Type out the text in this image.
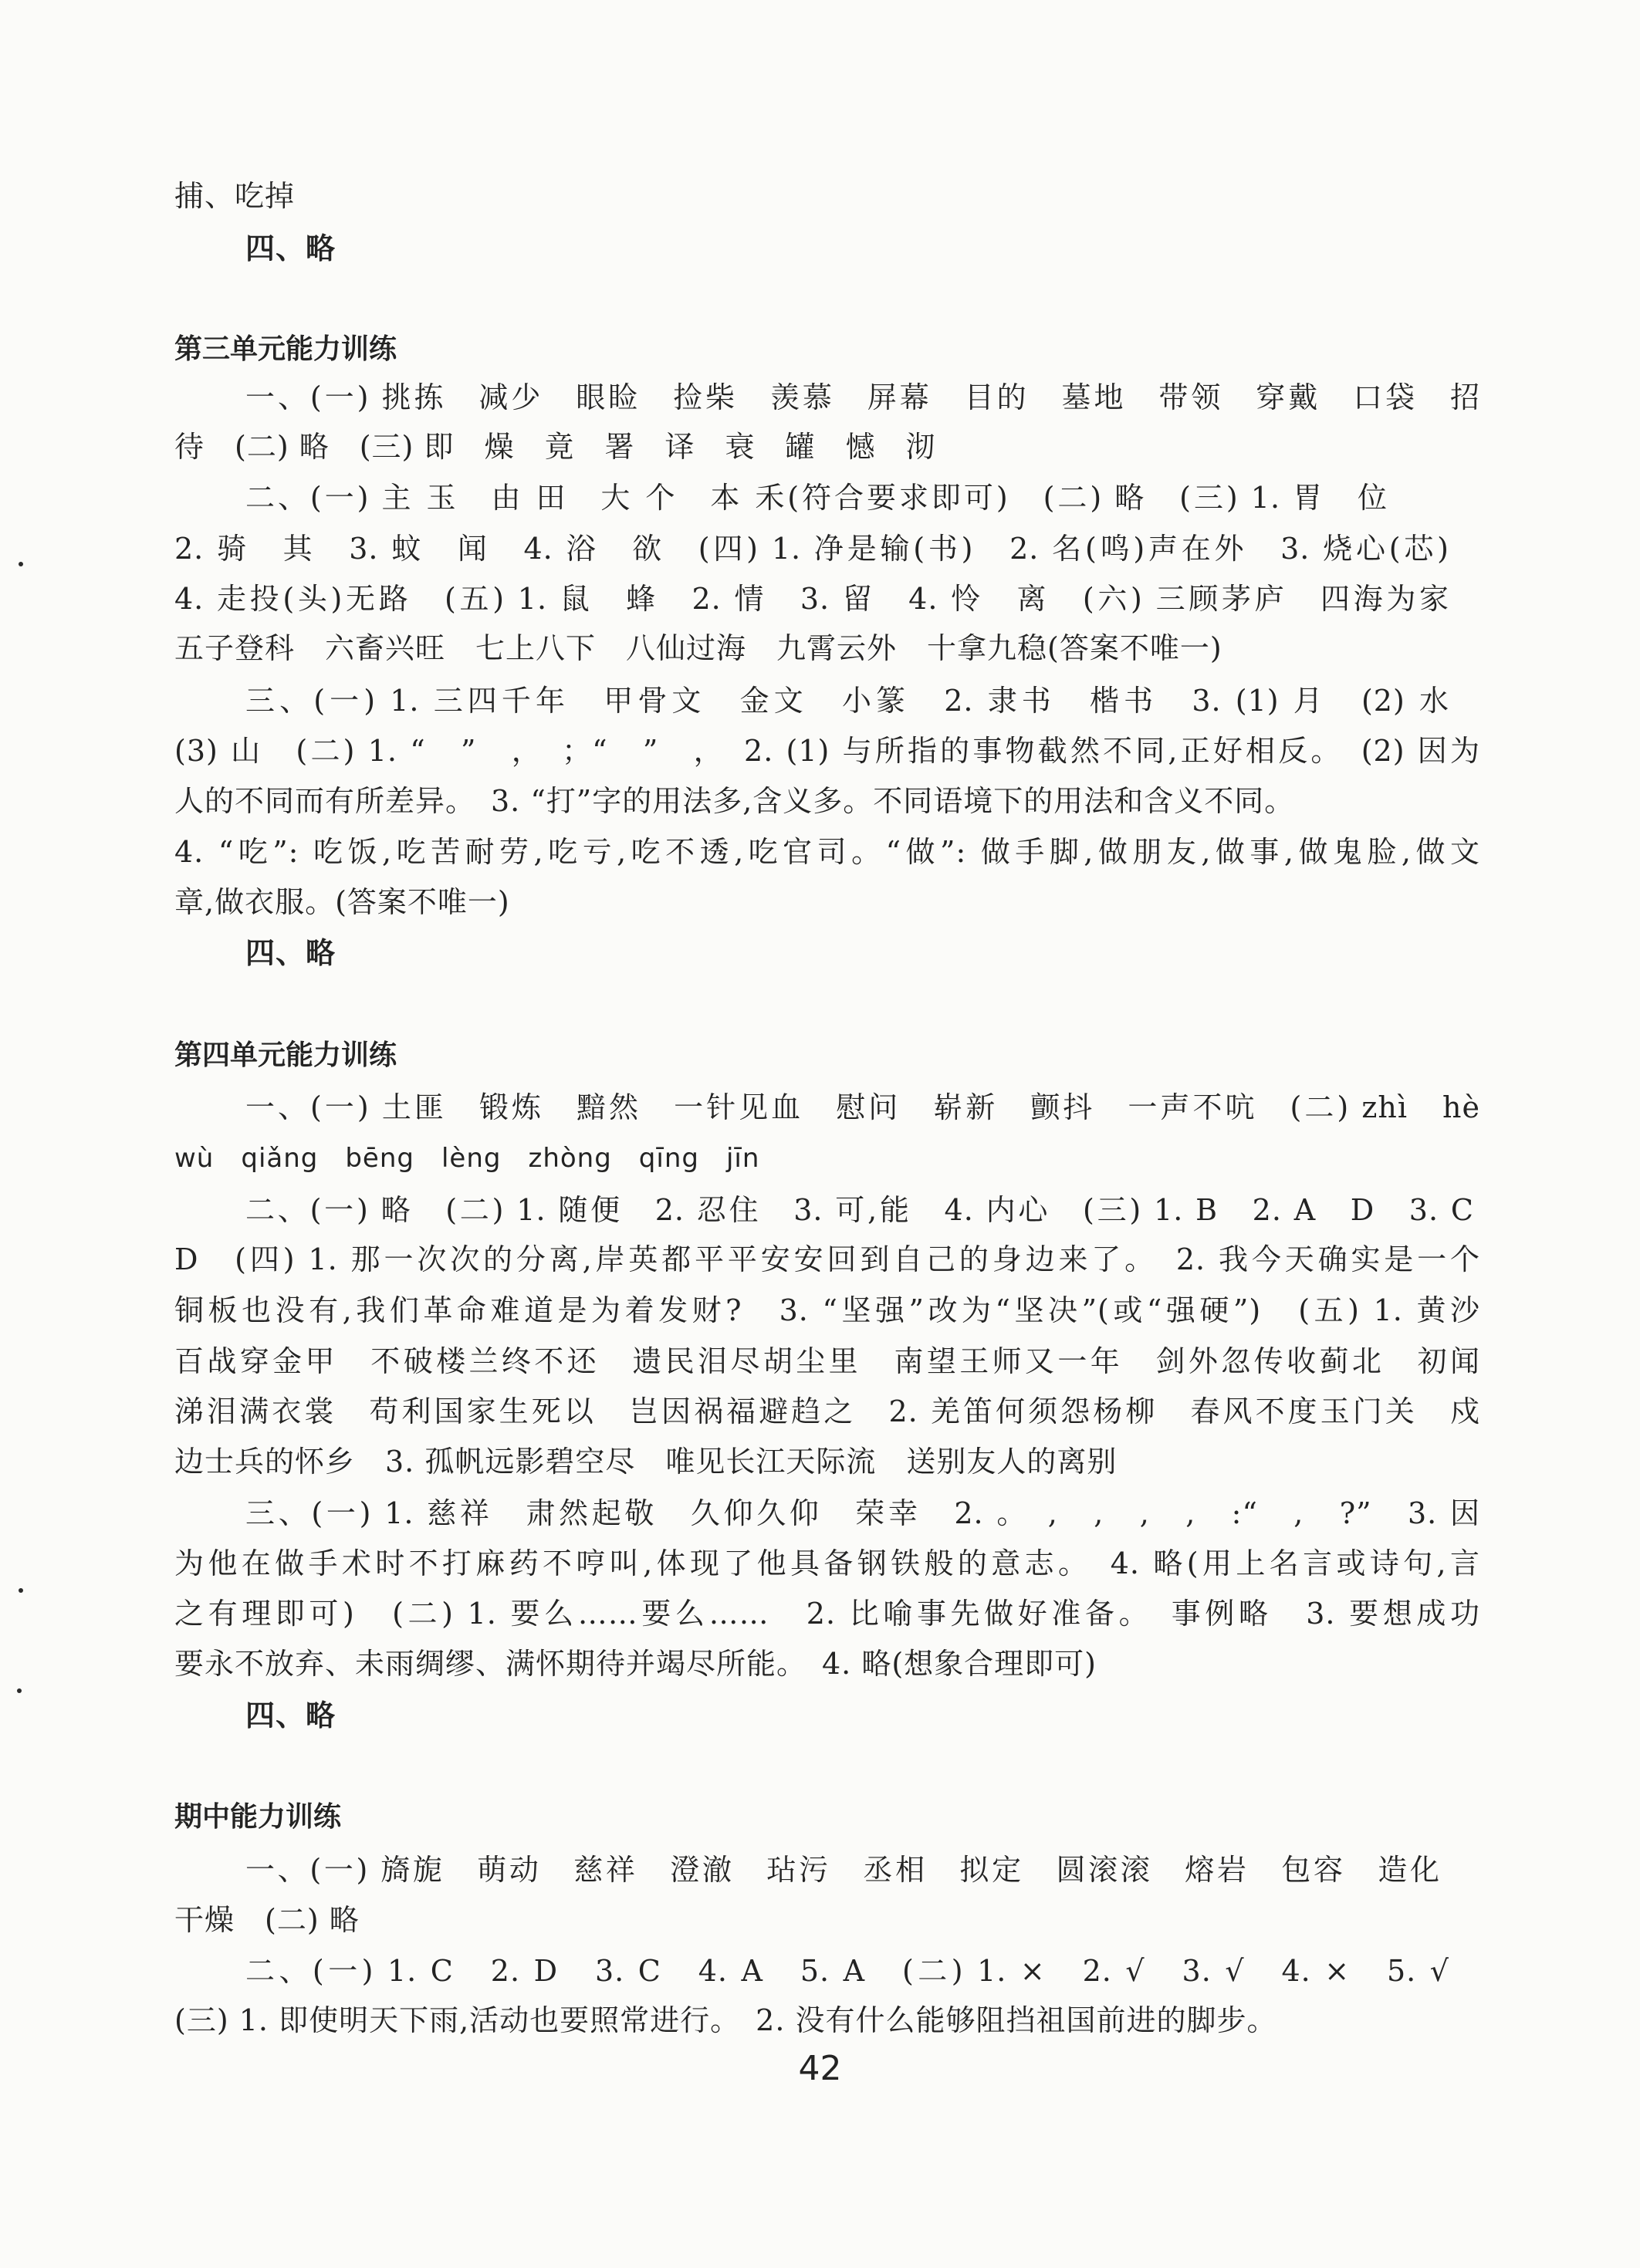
捕、吃掉
四、略
第三单元能力训练
一、(一) 挑拣　减少　眼睑　捡柴　羡慕　屏幕　目的　墓地　带领　穿戴　口袋　招
待　(二) 略　(三) 即　燥　竟　署　译　衰　罐　憾　沏
二、(一) 主 玉　由 田　大 个　本 禾(符合要求即可)　(二) 略　(三) 1. 胃　位
2. 骑　其　3. 蚊　闻　4. 浴　欲　(四) 1. 净是输(书)　2. 名(鸣)声在外　3. 烧心(芯)
4. 走投(头)无路　(五) 1. 鼠　蜂　2. 情　3. 留　4. 怜　离　(六) 三顾茅庐　四海为家
五子登科　六畜兴旺　七上八下　八仙过海　九霄云外　十拿九稳(答案不唯一)
三、(一) 1. 三四千年　甲骨文　金文　小篆　2. 隶书　楷书　3. (1) 月　(2) 水
(3) 山　(二) 1. “　”　，　；“　”　，　2. (1) 与所指的事物截然不同,正好相反。　(2) 因为
人的不同而有所差异。　3. “打”字的用法多,含义多。不同语境下的用法和含义不同。
4. “吃”: 吃饭,吃苦耐劳,吃亏,吃不透,吃官司。“做”: 做手脚,做朋友,做事,做鬼脸,做文
章,做衣服。(答案不唯一)
四、略
第四单元能力训练
一、(一) 土匪　锻炼　黯然　一针见血　慰问　崭新　颤抖　一声不吭　(二) zhì　hè
wù　qiǎng　bēng　lèng　zhòng　qīng　jīn
二、(一) 略　(二) 1. 随便　2. 忍住　3. 可,能　4. 内心　(三) 1. B　2. A　D　3. C
D　(四) 1. 那一次次的分离,岸英都平平安安回到自己的身边来了。　2. 我今天确实是一个
铜板也没有,我们革命难道是为着发财?　3. “坚强”改为“坚决”(或“强硬”)　(五) 1. 黄沙
百战穿金甲　不破楼兰终不还　遗民泪尽胡尘里　南望王师又一年　剑外忽传收蓟北　初闻
涕泪满衣裳　苟利国家生死以　岂因祸福避趋之　2. 羌笛何须怨杨柳　春风不度玉门关　戍
边士兵的怀乡　3. 孤帆远影碧空尽　唯见长江天际流　送别友人的离别
三、(一) 1. 慈祥　肃然起敬　久仰久仰　荣幸　2. 。　,　,　,　,　:“　,　?”　3. 因
为他在做手术时不打麻药不哼叫,体现了他具备钢铁般的意志。　4. 略(用上名言或诗句,言
之有理即可)　(二) 1. 要么……要么……　2. 比喻事先做好准备。　事例略　3. 要想成功
要永不放弃、未雨绸缪、满怀期待并竭尽所能。　4. 略(想象合理即可)
四、略
期中能力训练
一、(一) 旖旎　萌动　慈祥　澄澈　玷污　丞相　拟定　圆滚滚　熔岩　包容　造化
干燥　(二) 略
二、(一) 1. C　2. D　3. C　4. A　5. A　(二) 1. ×　2. √　3. √　4. ×　5. √
(三) 1. 即使明天下雨,活动也要照常进行。　2. 没有什么能够阻挡祖国前进的脚步。
42
